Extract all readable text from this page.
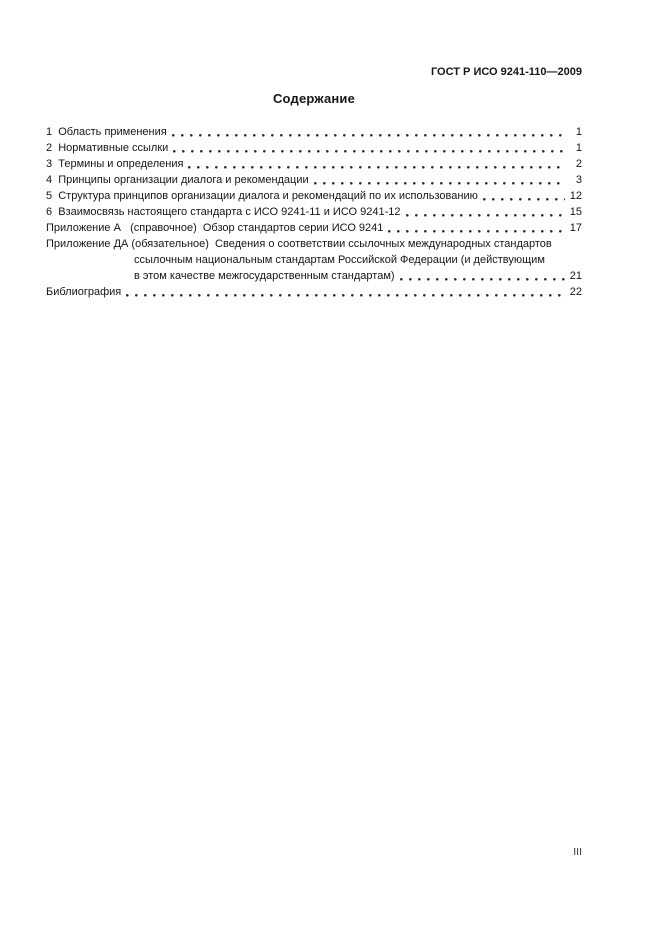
ГОСТ Р ИСО 9241-110—2009
Содержание
1  Область применения	1
2  Нормативные ссылки	1
3  Термины и определения	2
4  Принципы организации диалога и рекомендации	3
5  Структура принципов организации диалога и рекомендаций по их использованию	12
6  Взаимосвязь настоящего стандарта с ИСО 9241-11 и ИСО 9241-12	15
Приложение А   (справочное)  Обзор стандартов серии ИСО 9241	17
Приложение ДА (обязательное)  Сведения о соответствии ссылочных международных стандартов
ссылочным национальным стандартам Российской Федерации (и действующим
в этом качестве межгосударственным стандартам)	21
Библиография	22
III
